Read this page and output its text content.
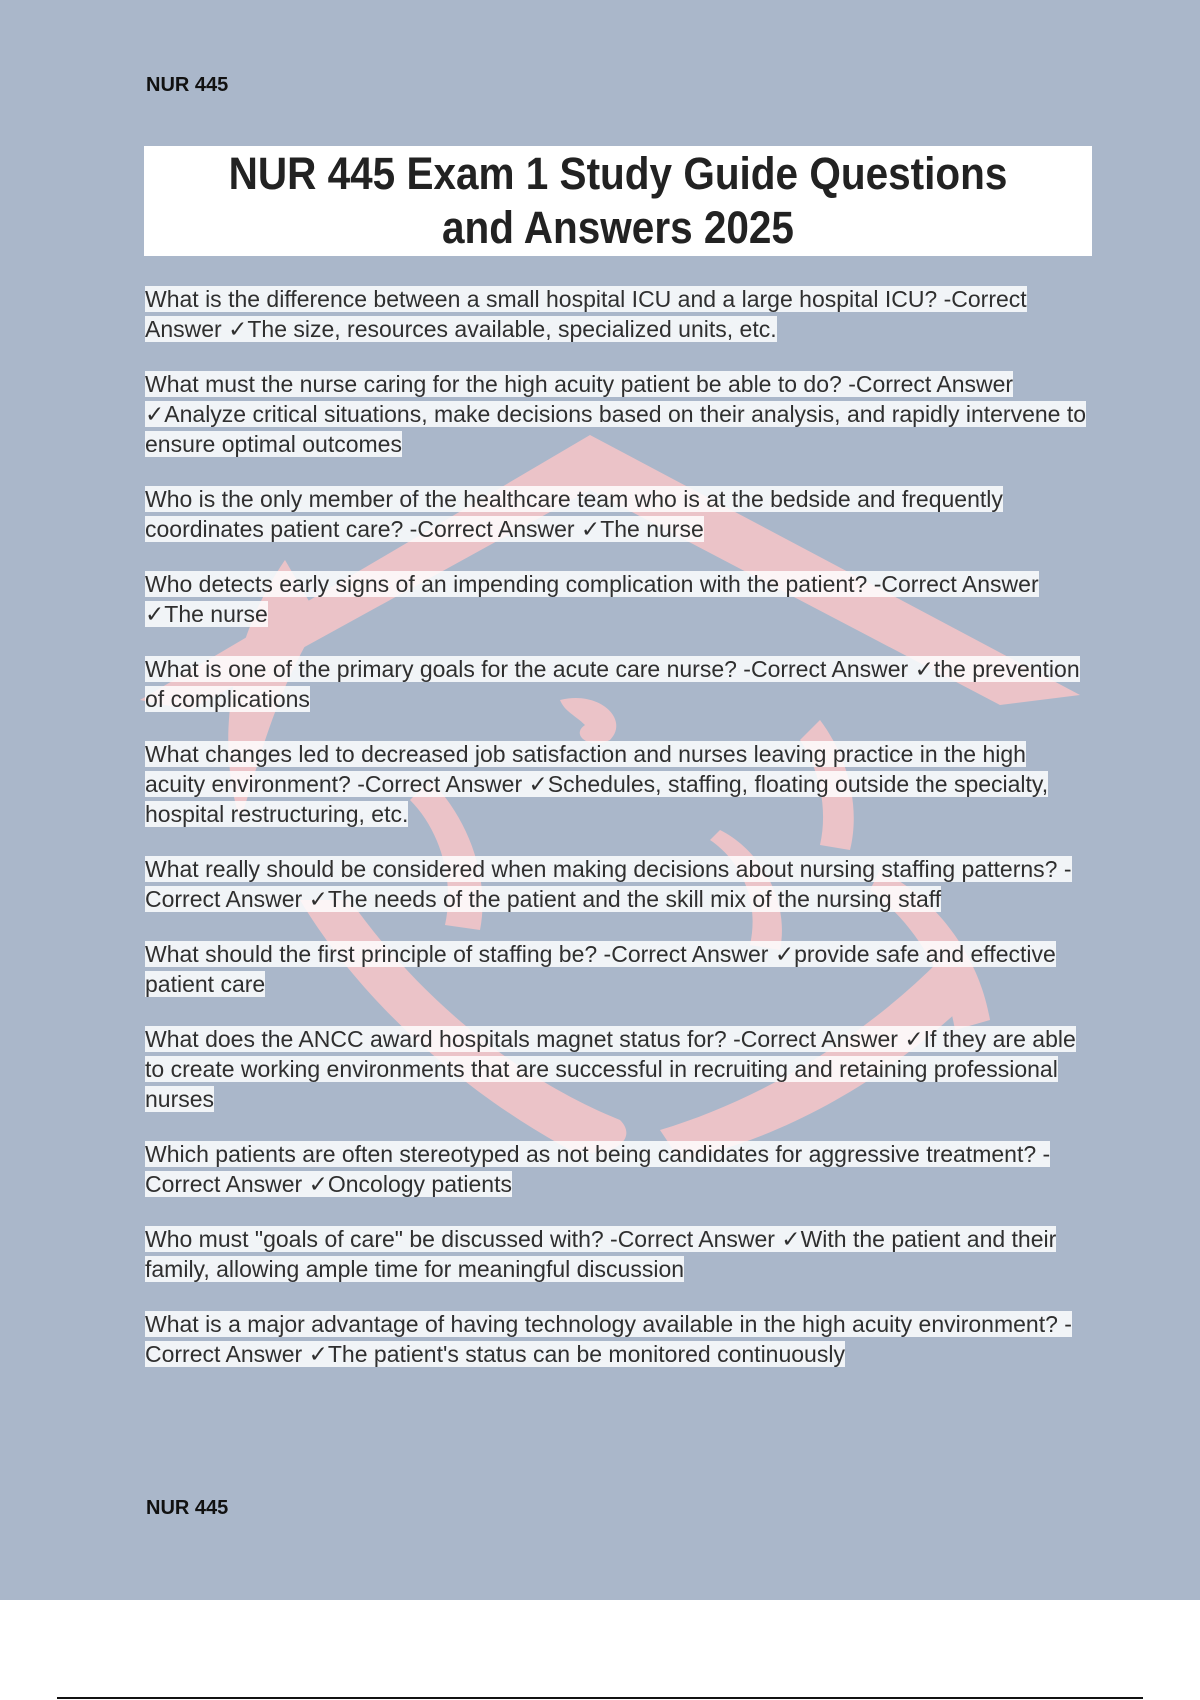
NUR 445
NUR 445 Exam 1 Study Guide Questions and Answers 2025

What is the difference between a small hospital ICU and a large hospital ICU? -Correct Answer ✓The size, resources available, specialized units, etc.

What must the nurse caring for the high acuity patient be able to do? -Correct Answer ✓Analyze critical situations, make decisions based on their analysis, and rapidly intervene to ensure optimal outcomes

Who is the only member of the healthcare team who is at the bedside and frequently coordinates patient care? -Correct Answer ✓The nurse

Who detects early signs of an impending complication with the patient? -Correct Answer ✓The nurse

What is one of the primary goals for the acute care nurse? -Correct Answer ✓the prevention of complications

What changes led to decreased job satisfaction and nurses leaving practice in the high acuity environment? -Correct Answer ✓Schedules, staffing, floating outside the specialty, hospital restructuring, etc.

What really should be considered when making decisions about nursing staffing patterns? -Correct Answer ✓The needs of the patient and the skill mix of the nursing staff

What should the first principle of staffing be? -Correct Answer ✓provide safe and effective patient care

What does the ANCC award hospitals magnet status for? -Correct Answer ✓If they are able to create working environments that are successful in recruiting and retaining professional nurses

Which patients are often stereotyped as not being candidates for aggressive treatment? -Correct Answer ✓Oncology patients

Who must "goals of care" be discussed with? -Correct Answer ✓With the patient and their family, allowing ample time for meaningful discussion

What is a major advantage of having technology available in the high acuity environment? -Correct Answer ✓The patient's status can be monitored continuously

NUR 445
